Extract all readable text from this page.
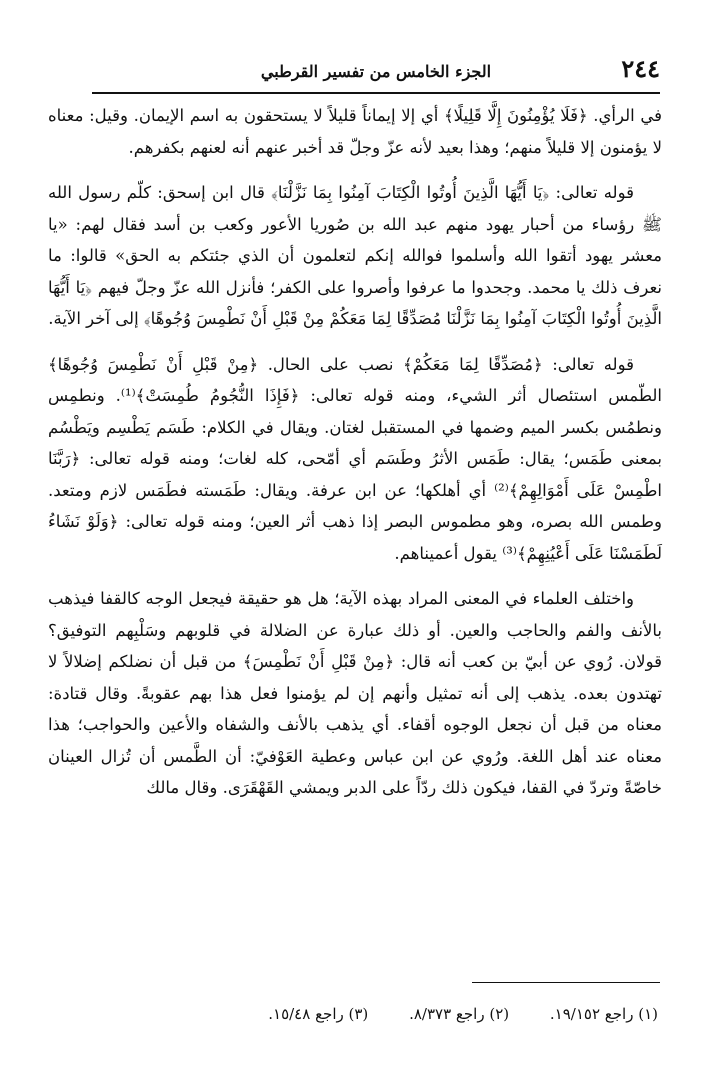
٢٤٤
الجزء الخامس من تفسير القرطبي

في الرأي. ﴿فَلَا يُؤْمِنُونَ إِلَّا قَلِيلًا﴾ أي إلا إيماناً قليلاً لا يستحقون به اسم الإيمان. وقيل: معناه لا يؤمنون إلا قليلاً منهم؛ وهذا بعيد لأنه عزّ وجلّ قد أخبر عنهم أنه لعنهم بكفرهم.

قوله تعالى: ﴿يَا أَيُّهَا الَّذِينَ أُوتُوا الْكِتَابَ آمِنُوا بِمَا نَزَّلْنَا﴾ قال ابن إسحق: كلّم رسول الله ﷺ رؤساء من أحبار يهود منهم عبد الله بن صُوريا الأعور وكعب بن أسد فقال لهم: «يا معشر يهود أتقوا الله وأسلموا فوالله إنكم لتعلمون أن الذي جئتكم به الحق» قالوا: ما نعرف ذلك يا محمد. وجحدوا ما عرفوا وأصروا على الكفر؛ فأنزل الله عزّ وجلّ فيهم ﴿يَا أَيُّهَا الَّذِينَ أُوتُوا الْكِتَابَ آمِنُوا بِمَا نَزَّلْنَا مُصَدِّقًا لِمَا مَعَكُمْ مِنْ قَبْلِ أَنْ نَطْمِسَ وُجُوهًا﴾ إلى آخر الآية.

قوله تعالى: ﴿مُصَدِّقًا لِمَا مَعَكُمْ﴾ نصب على الحال. ﴿مِنْ قَبْلِ أَنْ نَطْمِسَ وُجُوهًا﴾ الطّمس استئصال أثر الشيء، ومنه قوله تعالى: ﴿فَإِذَا النُّجُومُ طُمِسَتْ﴾⁽¹⁾. ونطمِس ونطمُس بكسر الميم وضمها في المستقبل لغتان. ويقال في الكلام: طَسَم يَطْسِم ويَطْسُم بمعنى طَمَس؛ يقال: طَمَس الأثرُ وطَسَم أي أمّحى، كله لغات؛ ومنه قوله تعالى: ﴿رَبَّنَا اطْمِسْ عَلَى أَمْوَالِهِمْ﴾⁽²⁾ أي أهلكها؛ عن ابن عرفة. ويقال: طَمَسته فطَمَس لازم ومتعد. وطمس الله بصره، وهو مطموس البصر إذا ذهب أثر العين؛ ومنه قوله تعالى: ﴿وَلَوْ نَشَاءُ لَطَمَسْنَا عَلَى أَعْيُنِهِمْ﴾⁽³⁾ يقول أعميناهم.

واختلف العلماء في المعنى المراد بهذه الآية؛ هل هو حقيقة فيجعل الوجه كالقفا فيذهب بالأنف والفم والحاجب والعين. أو ذلك عبارة عن الضلالة في قلوبهم وسَلْبِهم التوفيق؟ قولان. رُوي عن أبيّ بن كعب أنه قال: ﴿مِنْ قَبْلِ أَنْ نَطْمِسَ﴾ من قبل أن نضلكم إضلالاً لا تهتدون بعده. يذهب إلى أنه تمثيل وأنهم إن لم يؤمنوا فعل هذا بهم عقوبةً. وقال قتادة: معناه من قبل أن نجعل الوجوه أقفاء. أي يذهب بالأنف والشفاه والأعين والحواجب؛ هذا معناه عند أهل اللغة. ورُوي عن ابن عباس وعطية العَوْفيّ: أن الطَّمس أن تُزال العينان خاصّةً وتردّ في القفا، فيكون ذلك ردّاً على الدبر ويمشي القَهْقَرَى. وقال مالك

(١) راجع ١٩/١٥٢. (٢) راجع ٨/٣٧٣. (٣) راجع ١٥/٤٨.
